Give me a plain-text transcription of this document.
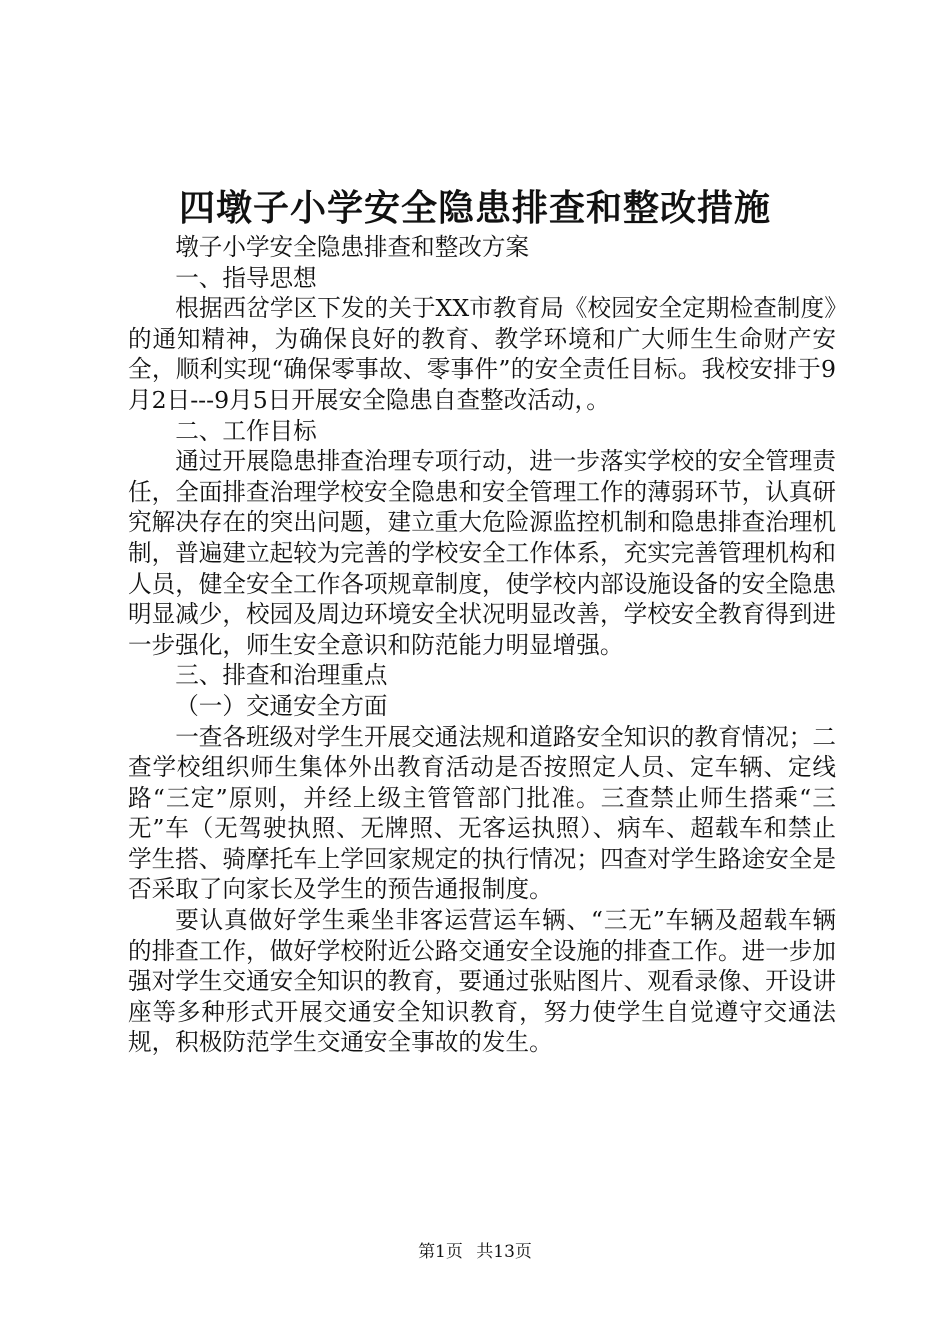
四墩子小学安全隐患排查和整改措施

墩子小学安全隐患排查和整改方案

一、指导思想

根据西岔学区下发的关于XX市教育局《校园安全定期检查制度》的通知精神，为确保良好的教育、教学环境和广大师生生命财产安全，顺利实现“确保零事故、零事件”的安全责任目标。我校安排于9月2日---9月5日开展安全隐患自查整改活动，。

二、工作目标

通过开展隐患排查治理专项行动，进一步落实学校的安全管理责任，全面排查治理学校安全隐患和安全管理工作的薄弱环节，认真研究解决存在的突出问题，建立重大危险源监控机制和隐患排查治理机制，普遍建立起较为完善的学校安全工作体系，充实完善管理机构和人员，健全安全工作各项规章制度，使学校内部设施设备的安全隐患明显减少，校园及周边环境安全状况明显改善，学校安全教育得到进一步强化，师生安全意识和防范能力明显增强。

三、排查和治理重点

（一）交通安全方面

一查各班级对学生开展交通法规和道路安全知识的教育情况；二查学校组织师生集体外出教育活动是否按照定人员、定车辆、定线路“三定”原则，并经上级主管管部门批准。三查禁止师生搭乘“三无”车（无驾驶执照、无牌照、无客运执照）、病车、超载车和禁止学生搭、骑摩托车上学回家规定的执行情况；四查对学生路途安全是否采取了向家长及学生的预告通报制度。

要认真做好学生乘坐非客运营运车辆、“三无”车辆及超载车辆的排查工作，做好学校附近公路交通安全设施的排查工作。进一步加强对学生交通安全知识的教育，要通过张贴图片、观看录像、开设讲座等多种形式开展交通安全知识教育，努力使学生自觉遵守交通法规，积极防范学生交通安全事故的发生。

第1页 共13页
